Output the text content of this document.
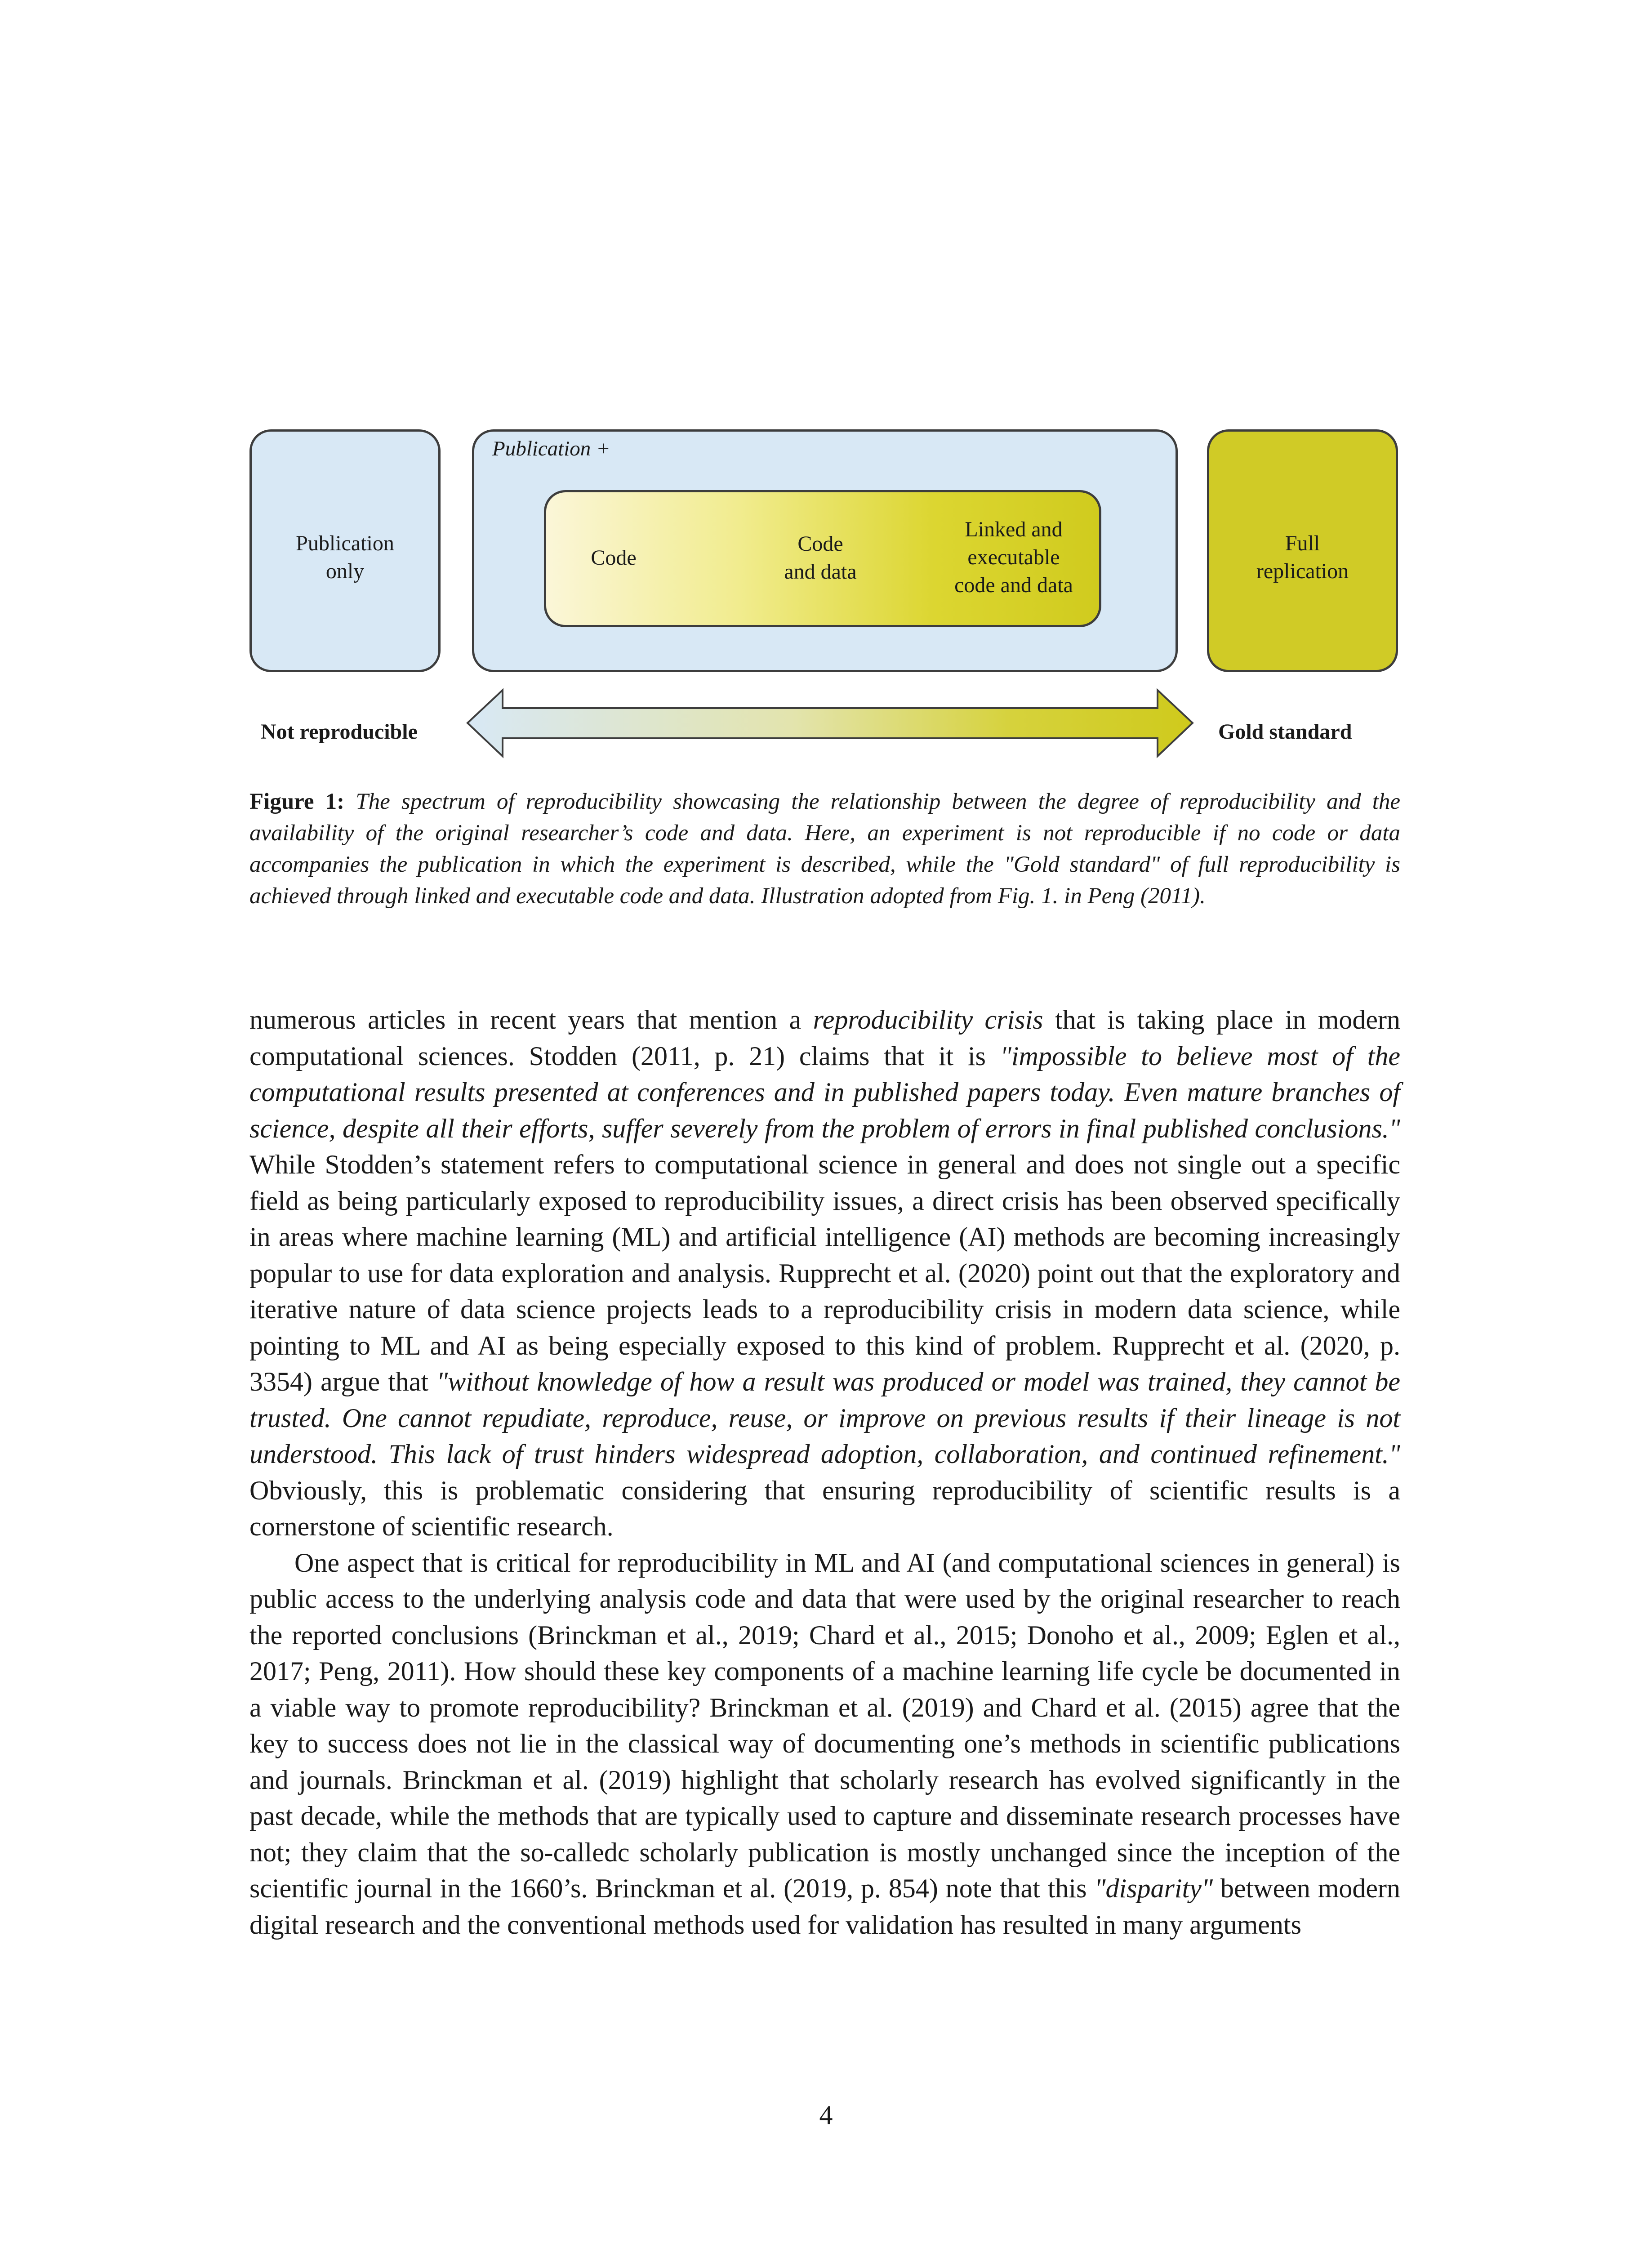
Publication
only
Publication +
Code
Code
and data
Linked and
executable
code and data
Full
replication
Not reproducible	Gold standard
Figure 1: The spectrum of reproducibility showcasing the relationship between the degree of reproducibility and the availability of the original researcher’s code and data. Here, an experiment is not reproducible if no code or data accompanies the publication in which the experiment is described, while the "Gold standard" of full reproducibility is achieved through linked and executable code and data. Illustration adopted from Fig. 1. in Peng (2011).

numerous articles in recent years that mention a reproducibility crisis that is taking place in modern computational sciences. Stodden (2011, p. 21) claims that it is "impossible to believe most of the computational results presented at conferences and in published papers today. Even mature branches of science, despite all their efforts, suffer severely from the problem of errors in final published conclusions." While Stodden’s statement refers to computational science in general and does not single out a specific field as being particularly exposed to reproducibility issues, a direct crisis has been observed specifically in areas where machine learning (ML) and artificial intelligence (AI) methods are becoming increasingly popular to use for data exploration and analysis. Rupprecht et al. (2020) point out that the exploratory and iterative nature of data science projects leads to a reproducibility crisis in modern data science, while pointing to ML and AI as being especially exposed to this kind of problem. Rupprecht et al. (2020, p. 3354) argue that "without knowledge of how a result was produced or model was trained, they cannot be trusted. One cannot repudiate, reproduce, reuse, or improve on previous results if their lineage is not understood. This lack of trust hinders widespread adoption, collaboration, and continued refinement." Obviously, this is problematic considering that ensuring reproducibility of scientific results is a cornerstone of scientific research.

One aspect that is critical for reproducibility in ML and AI (and computational sciences in general) is public access to the underlying analysis code and data that were used by the original researcher to reach the reported conclusions (Brinckman et al., 2019; Chard et al., 2015; Donoho et al., 2009; Eglen et al., 2017; Peng, 2011). How should these key components of a machine learning life cycle be documented in a viable way to promote reproducibility? Brinckman et al. (2019) and Chard et al. (2015) agree that the key to success does not lie in the classical way of documenting one’s methods in scientific publications and journals. Brinckman et al. (2019) highlight that scholarly research has evolved significantly in the past decade, while the methods that are typically used to capture and disseminate research processes have not; they claim that the so-calledc scholarly publication is mostly unchanged since the inception of the scientific journal in the 1660’s. Brinckman et al. (2019, p. 854) note that this "disparity" between modern digital research and the conventional methods used for validation has resulted in many arguments

4
